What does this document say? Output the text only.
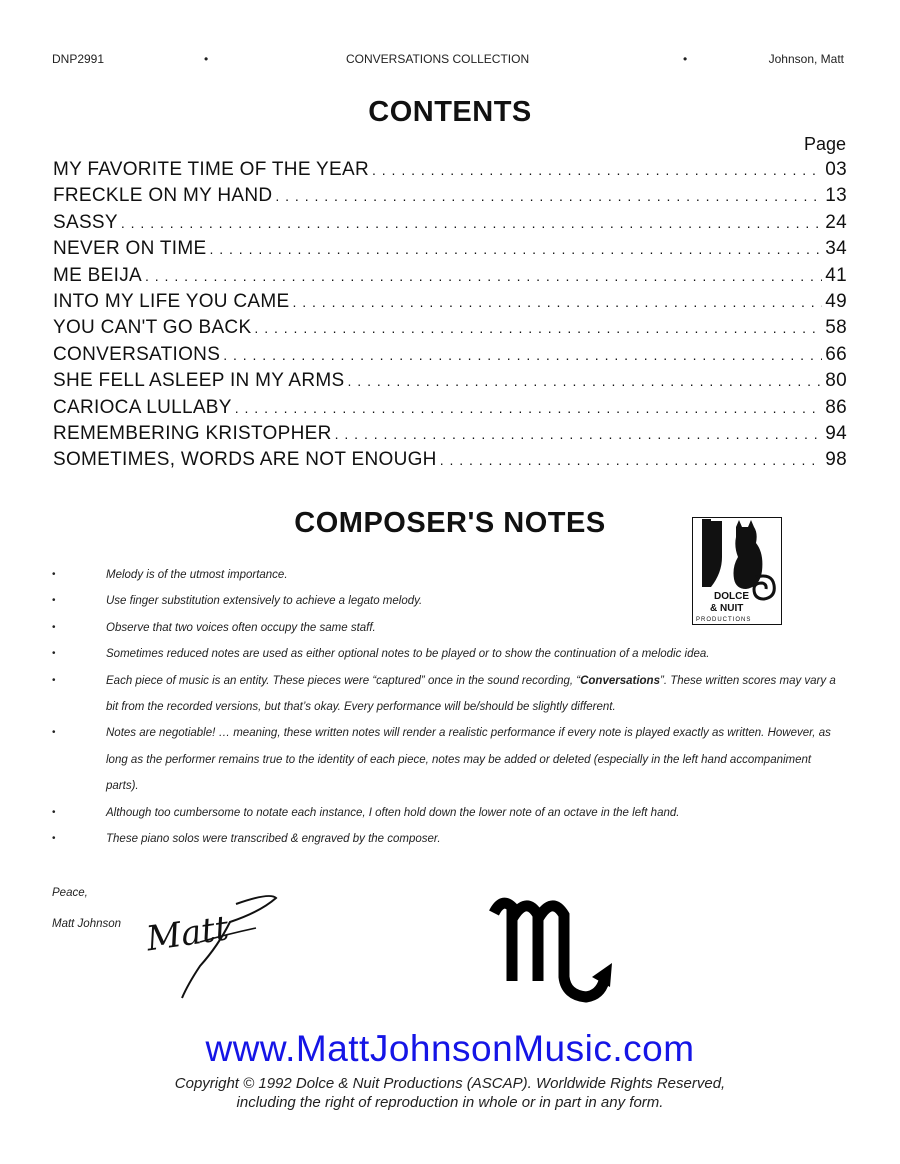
DNP2991	•	CONVERSATIONS COLLECTION	•	Johnson, Matt
CONTENTS
Page
MY FAVORITE TIME OF THE YEAR . . .	03
FRECKLE ON MY HAND . . .	13
SASSY . . .	24
NEVER ON TIME . . .	34
ME BEIJA . . .	41
INTO MY LIFE YOU CAME . . .	49
YOU CAN'T GO BACK . . .	58
CONVERSATIONS . . .	66
SHE FELL ASLEEP IN MY ARMS . . .	80
CARIOCA LULLABY . . .	86
REMEMBERING KRISTOPHER . . .	94
SOMETIMES, WORDS ARE NOT ENOUGH . . .	98
COMPOSER'S NOTES
DOLCE
& NUIT
PRODUCTIONS
• Melody is of the utmost importance.
• Use finger substitution extensively to achieve a legato melody.
• Observe that two voices often occupy the same staff.
• Sometimes reduced notes are used as either optional notes to be played or to show the continuation of a melodic idea.
• Each piece of music is an entity. These pieces were “captured” once in the sound recording, “Conversations”. These written scores may vary a bit from the recorded versions, but that’s okay. Every performance will be/should be slightly different.
• Notes are negotiable! … meaning, these written notes will render a realistic performance if every note is played exactly as written. However, as long as the performer remains true to the identity of each piece, notes may be added or deleted (especially in the left hand accompaniment parts).
• Although too cumbersome to notate each instance, I often hold down the lower note of an octave in the left hand.
• These piano solos were transcribed & engraved by the composer.
Peace,
Matt Johnson Matt
www.MattJohnsonMusic.com
Copyright © 1992 Dolce & Nuit Productions (ASCAP). Worldwide Rights Reserved,
including the right of reproduction in whole or in part in any form.
